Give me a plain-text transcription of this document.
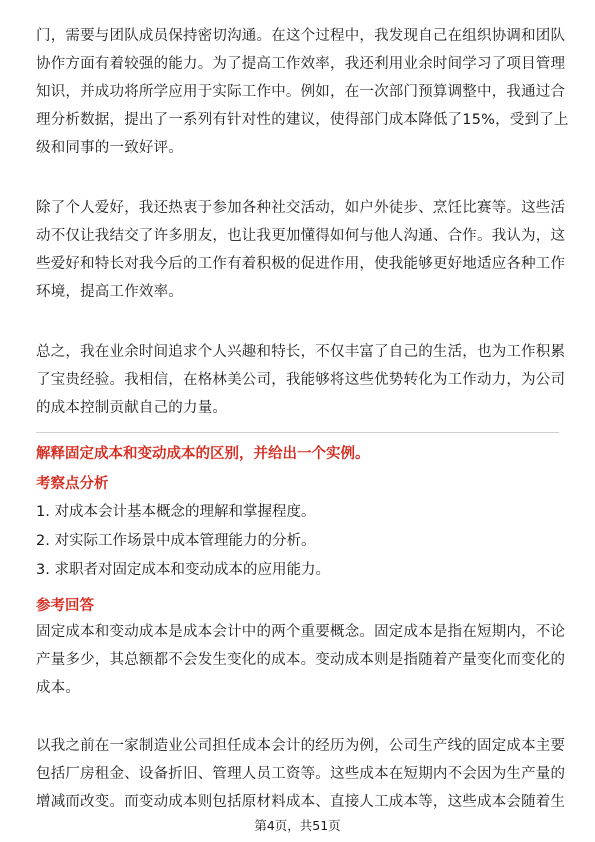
门，需要与团队成员保持密切沟通。在这个过程中，我发现自己在组织协调和团队
协作方面有着较强的能力。为了提高工作效率，我还利用业余时间学习了项目管理
知识，并成功将所学应用于实际工作中。例如，在一次部门预算调整中，我通过合
理分析数据，提出了一系列有针对性的建议，使得部门成本降低了15%，受到了上
级和同事的一致好评。
除了个人爱好，我还热衷于参加各种社交活动，如户外徒步、烹饪比赛等。这些活
动不仅让我结交了许多朋友，也让我更加懂得如何与他人沟通、合作。我认为，这
些爱好和特长对我今后的工作有着积极的促进作用，使我能够更好地适应各种工作
环境，提高工作效率。
总之，我在业余时间追求个人兴趣和特长，不仅丰富了自己的生活，也为工作积累
了宝贵经验。我相信，在格林美公司，我能够将这些优势转化为工作动力，为公司
的成本控制贡献自己的力量。
解释固定成本和变动成本的区别，并给出一个实例。
考察点分析
1. 对成本会计基本概念的理解和掌握程度。
2. 对实际工作场景中成本管理能力的分析。
3. 求职者对固定成本和变动成本的应用能力。
参考回答
固定成本和变动成本是成本会计中的两个重要概念。固定成本是指在短期内，不论
产量多少，其总额都不会发生变化的成本。变动成本则是指随着产量变化而变化的
成本。
以我之前在一家制造业公司担任成本会计的经历为例，公司生产线的固定成本主要
包括厂房租金、设备折旧、管理人员工资等。这些成本在短期内不会因为生产量的
增减而改变。而变动成本则包括原材料成本、直接人工成本等，这些成本会随着生
第4页，共51页
